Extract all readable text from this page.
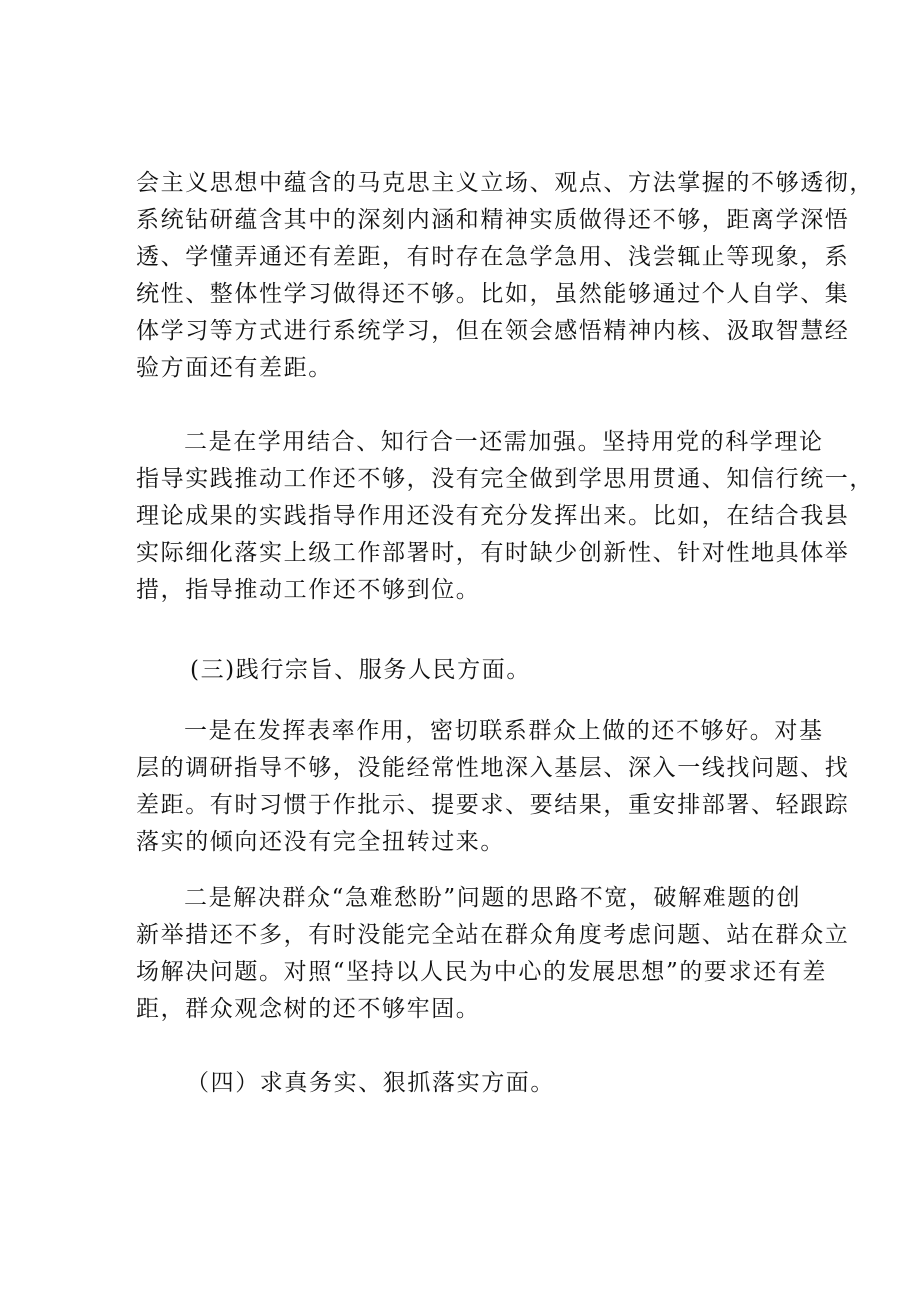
会主义思想中蕴含的马克思主义立场、观点、方法掌握的不够透彻，
系统钻研蕴含其中的深刻内涵和精神实质做得还不够，距离学深悟
透、学懂弄通还有差距，有时存在急学急用、浅尝辄止等现象，系
统性、整体性学习做得还不够。比如，虽然能够通过个人自学、集
体学习等方式进行系统学习，但在领会感悟精神内核、汲取智慧经
验方面还有差距。
二是在学用结合、知行合一还需加强。坚持用党的科学理论
指导实践推动工作还不够，没有完全做到学思用贯通、知信行统一，
理论成果的实践指导作用还没有充分发挥出来。比如，在结合我县
实际细化落实上级工作部署时，有时缺少创新性、针对性地具体举
措，指导推动工作还不够到位。
(三)践行宗旨、服务人民方面。
一是在发挥表率作用，密切联系群众上做的还不够好。对基
层的调研指导不够，没能经常性地深入基层、深入一线找问题、找
差距。有时习惯于作批示、提要求、要结果，重安排部署、轻跟踪
落实的倾向还没有完全扭转过来。
二是解决群众“急难愁盼”问题的思路不宽，破解难题的创
新举措还不多，有时没能完全站在群众角度考虑问题、站在群众立
场解决问题。对照“坚持以人民为中心的发展思想”的要求还有差
距，群众观念树的还不够牢固。
（四）求真务实、狠抓落实方面。
